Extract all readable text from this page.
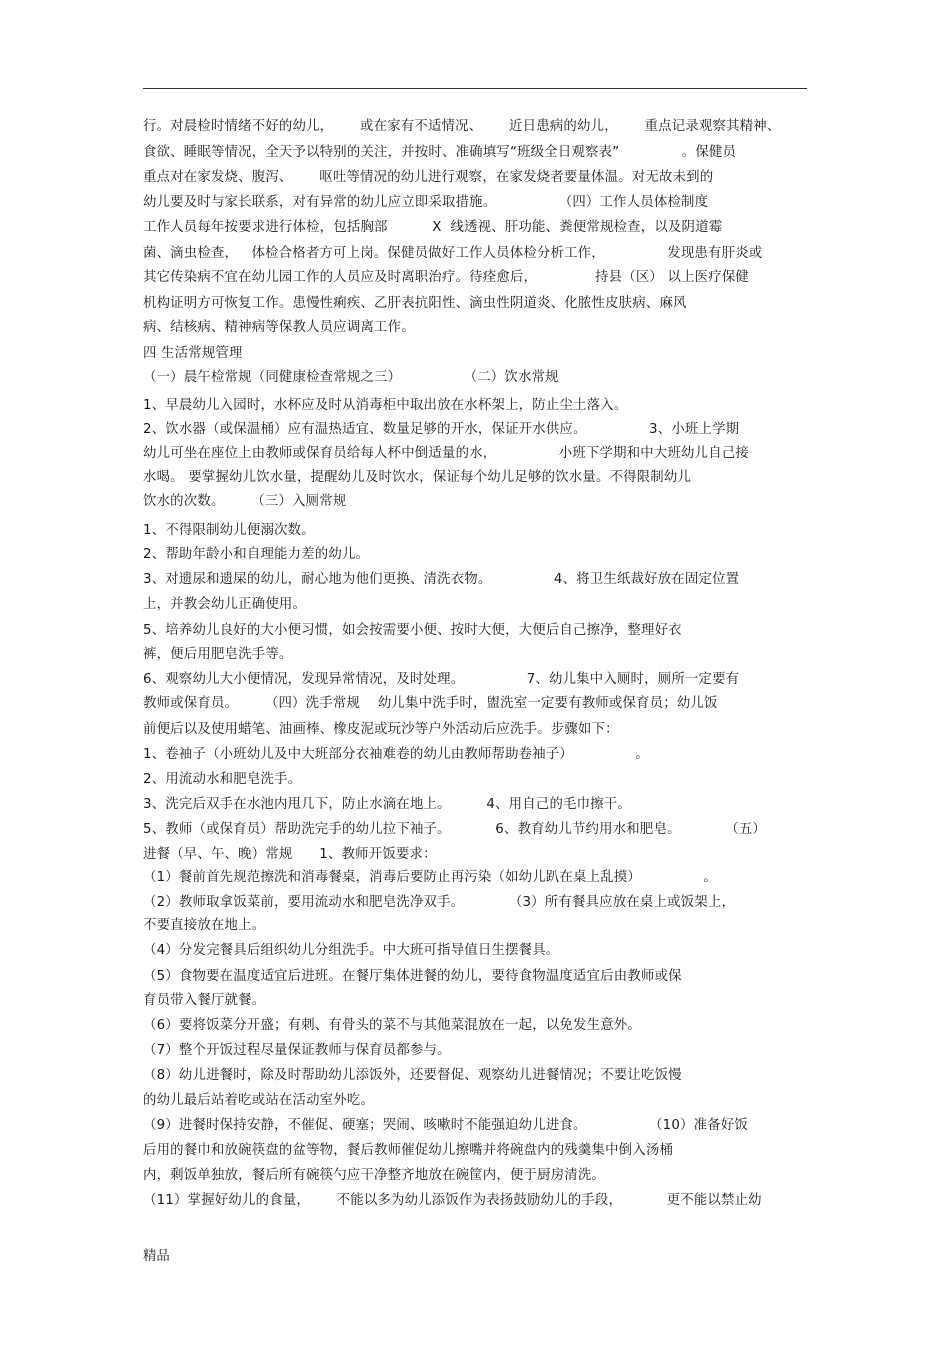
行。对晨检时情绪不好的幼儿，      或在家有不适情况、      近日患病的幼儿，      重点记录观察其精神、
食欲、睡眠等情况，全天予以特别的关注，并按时、准确填写“班级全日观察表”              。保健员
重点对在家发烧、腹泻、      呕吐等情况的幼儿进行观察，在家发烧者要量体温。对无故未到的
幼儿要及时与家长联系，对有异常的幼儿应立即采取措施。              （四）工作人员体检制度
工作人员每年按要求进行体检，包括胸部          X  线透视、肝功能、粪便常规检查，以及阴道霉
菌、滴虫检查，   体检合格者方可上岗。保健员做好工作人员体检分析工作，              发现患有肝炎或
其它传染病不宜在幼儿园工作的人员应及时离职治疗。待痊愈后，             持县（区） 以上医疗保健
机构证明方可恢复工作。患慢性痢疾、乙肝表抗阳性、滴虫性阴道炎、化脓性皮肤病、麻风
病、结核病、精神病等保教人员应调离工作。
四 生活常规管理
（一）晨午检常规（同健康检查常规之三）              （二）饮水常规
1、早晨幼儿入园时，水杯应及时从消毒柜中取出放在水杯架上，防止尘土落入。
2、饮水器（或保温桶）应有温热适宜、数量足够的开水，保证开水供应。              3、小班上学期
幼儿可坐在座位上由教师或保育员给每人杯中倒适量的水，              小班下学期和中大班幼儿自己接
水喝。 要掌握幼儿饮水量，提醒幼儿及时饮水，保证每个幼儿足够的饮水量。不得限制幼儿
饮水的次数。      （三）入厕常规
1、不得限制幼儿便溺次数。
2、帮助年龄小和自理能力差的幼儿。
3、对遗尿和遗屎的幼儿，耐心地为他们更换、清洗衣物。              4、将卫生纸裁好放在固定位置
上，并教会幼儿正确使用。
5、培养幼儿良好的大小便习惯，如会按需要小便、按时大便，大便后自己擦净，整理好衣
裤，便后用肥皂洗手等。
6、观察幼儿大小便情况，发现异常情况，及时处理。              7、幼儿集中入厕时，厕所一定要有
教师或保育员。      （四）洗手常规    幼儿集中洗手时，盥洗室一定要有教师或保育员；幼儿饭
前便后以及使用蜡笔、油画棒、橡皮泥或玩沙等户外活动后应洗手。步骤如下：
1、卷袖子（小班幼儿及中大班部分衣袖难卷的幼儿由教师帮助卷袖子）              。
2、用流动水和肥皂洗手。
3、洗完后双手在水池内甩几下，防止水滴在地上。        4、用自己的毛巾擦干。
5、教师（或保育员）帮助洗完手的幼儿拉下袖子。          6、教育幼儿节约用水和肥皂。          （五）
进餐（早、午、晚）常规      1、教师开饭要求：
（1）餐前首先规范擦洗和消毒餐桌，消毒后要防止再污染（如幼儿趴在桌上乱摸）              。
（2）教师取拿饭菜前，要用流动水和肥皂洗净双手。          （3）所有餐具应放在桌上或饭架上，
不要直接放在地上。
（4）分发完餐具后组织幼儿分组洗手。中大班可指导值日生摆餐具。
（5）食物要在温度适宜后进班。在餐厅集体进餐的幼儿，要待食物温度适宜后由教师或保
育员带入餐厅就餐。
（6）要将饭菜分开盛；有刺、有骨头的菜不与其他菜混放在一起，以免发生意外。
（7）整个开饭过程尽量保证教师与保育员都参与。
（8）幼儿进餐时，除及时帮助幼儿添饭外，还要督促、观察幼儿进餐情况；不要让吃饭慢
的幼儿最后站着吃或站在活动室外吃。
（9）进餐时保持安静，不催促、硬塞；哭闹、咳嗽时不能强迫幼儿进食。              （10）准备好饭
后用的餐巾和放碗筷盘的盆等物，餐后教师催促幼儿擦嘴并将碗盘内的残羹集中倒入汤桶
内，剩饭单独放，餐后所有碗筷勺应干净整齐地放在碗筐内，便于厨房清洗。
（11）掌握好幼儿的食量，      不能以多为幼儿添饭作为表扬鼓励幼儿的手段，          更不能以禁止幼
精品
